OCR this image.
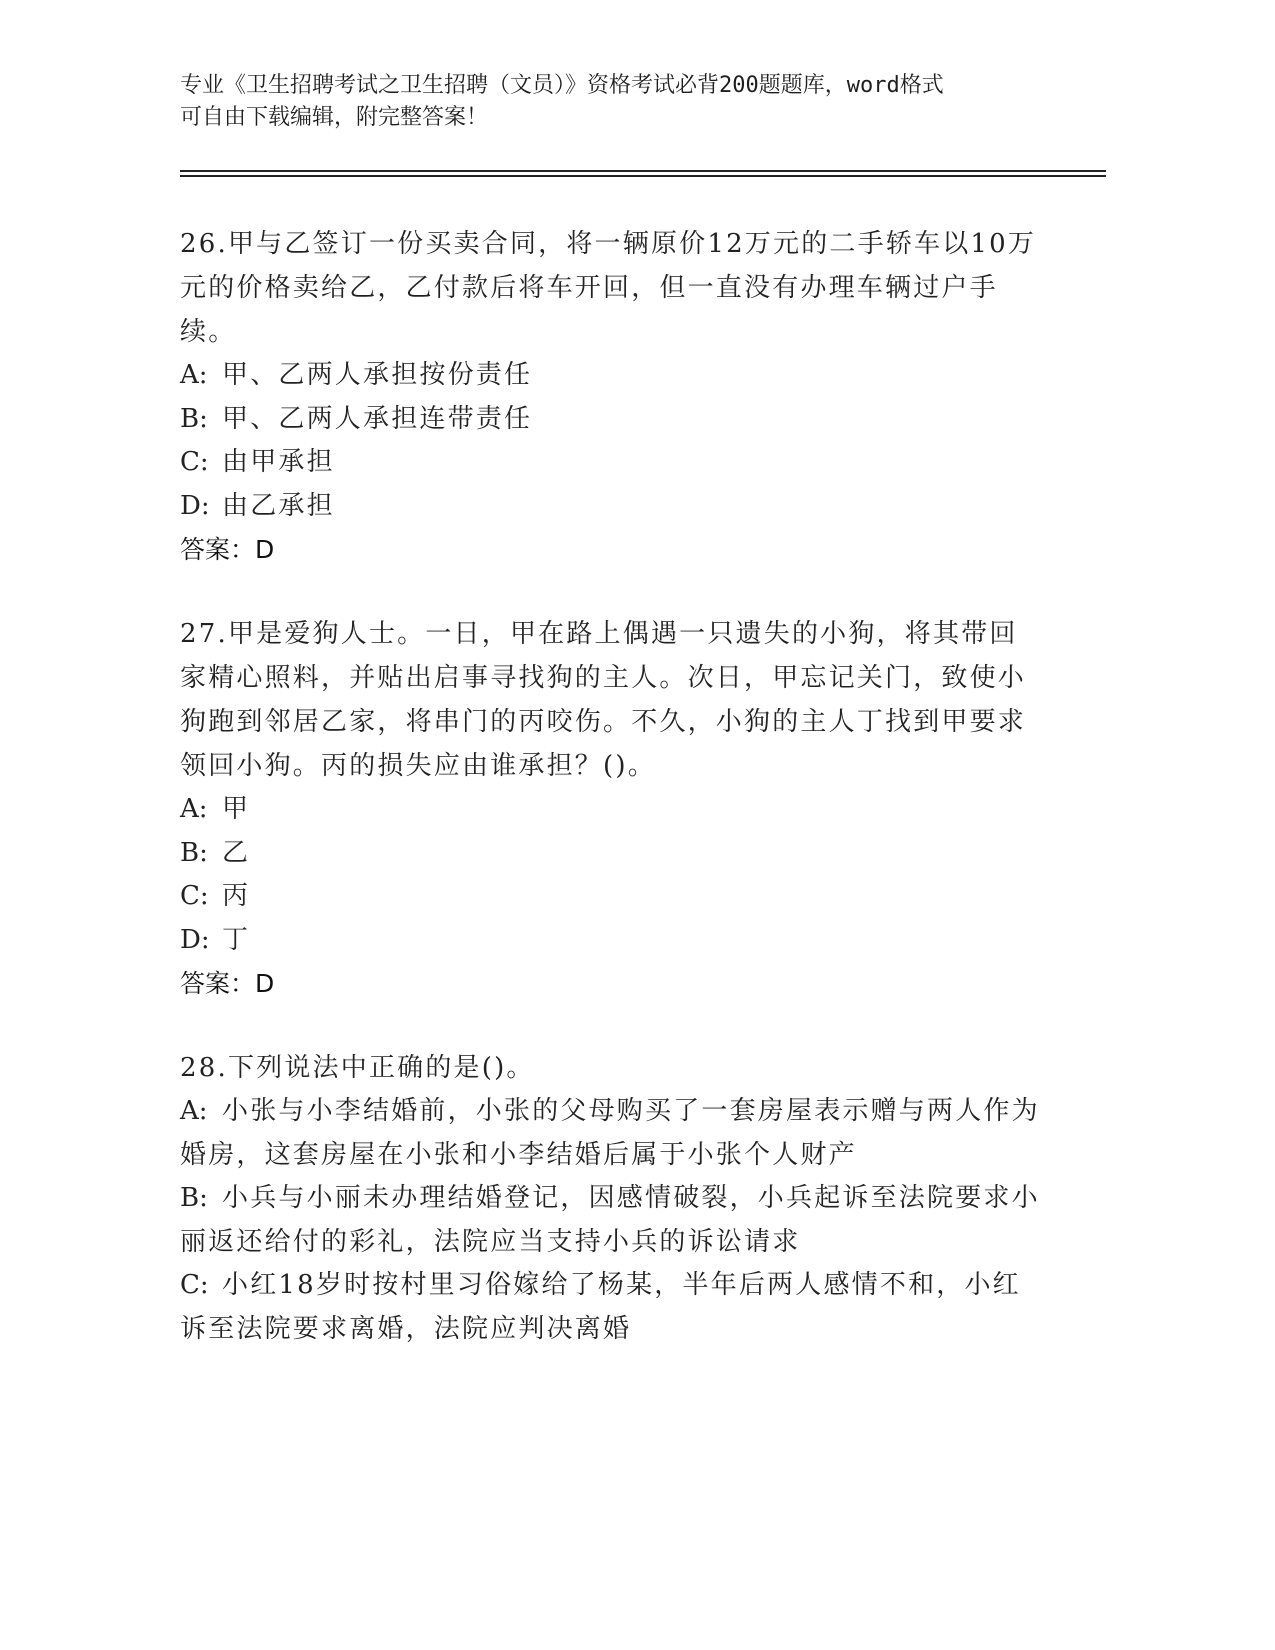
专业《卫生招聘考试之卫生招聘（文员）》资格考试必背200题题库，word格式

可自由下载编辑，附完整答案！

26.甲与乙签订一份买卖合同，将一辆原价12万元的二手轿车以10万元的价格卖给乙，乙付款后将车开回，但一直没有办理车辆过户手续。

A: 甲、乙两人承担按份责任

B: 甲、乙两人承担连带责任

C: 由甲承担

D: 由乙承担

答案：D

27.甲是爱狗人士。一日，甲在路上偶遇一只遗失的小狗，将其带回家精心照料，并贴出启事寻找狗的主人。次日，甲忘记关门，致使小狗跑到邻居乙家，将串门的丙咬伤。不久，小狗的主人丁找到甲要求领回小狗。丙的损失应由谁承担？()。

A: 甲

B: 乙

C: 丙

D: 丁

答案：D

28.下列说法中正确的是()。

A: 小张与小李结婚前，小张的父母购买了一套房屋表示赠与两人作为婚房，这套房屋在小张和小李结婚后属于小张个人财产

B: 小兵与小丽未办理结婚登记，因感情破裂，小兵起诉至法院要求小丽返还给付的彩礼，法院应当支持小兵的诉讼请求

C: 小红18岁时按村里习俗嫁给了杨某，半年后两人感情不和，小红诉至法院要求离婚，法院应判决离婚
